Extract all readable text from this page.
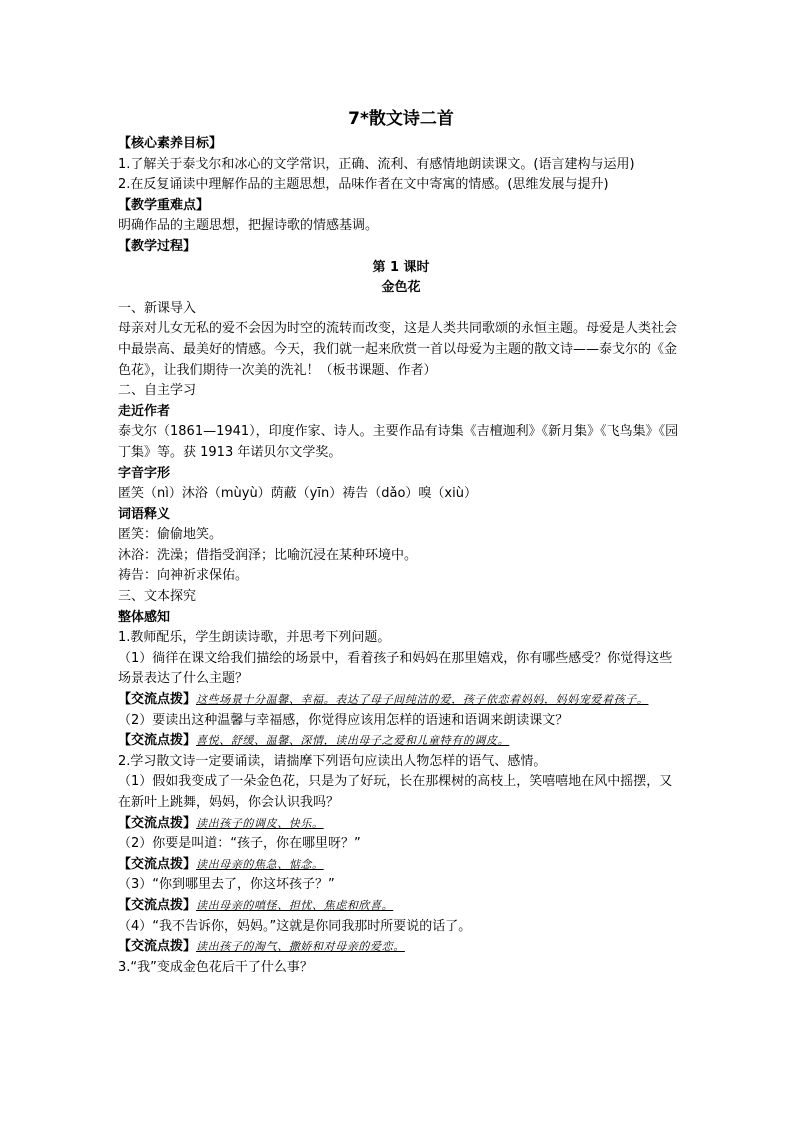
7*散文诗二首
【核心素养目标】
1.了解关于泰戈尔和冰心的文学常识，正确、流利、有感情地朗读课文。(语言建构与运用)
2.在反复诵读中理解作品的主题思想，品味作者在文中寄寓的情感。(思维发展与提升)
【教学重难点】
明确作品的主题思想，把握诗歌的情感基调。
【教学过程】
第 1 课时
金色花
一、新课导入
母亲对儿女无私的爱不会因为时空的流转而改变，这是人类共同歌颂的永恒主题。母爱是人类社会中最崇高、最美好的情感。今天，我们就一起来欣赏一首以母爱为主题的散文诗——泰戈尔的《金色花》，让我们期待一次美的洗礼！（板书课题、作者）
二、自主学习
走近作者
泰戈尔（1861—1941），印度作家、诗人。主要作品有诗集《吉檀迦利》《新月集》《飞鸟集》《园丁集》等。获 1913 年诺贝尔文学奖。
字音字形
匿笑（nì）沐浴（mùyù）荫蔽（yīn）祷告（dǎo）嗅（xiù）
词语释义
匿笑：偷偷地笑。
沐浴：洗澡；借指受润泽；比喻沉浸在某种环境中。
祷告：向神祈求保佑。
三、文本探究
整体感知
1.教师配乐，学生朗读诗歌，并思考下列问题。
（1）徜徉在课文给我们描绘的场景中，看着孩子和妈妈在那里嬉戏，你有哪些感受？你觉得这些场景表达了什么主题？
【交流点拨】这些场景十分温馨、幸福。表达了母子间纯洁的爱，孩子依恋着妈妈，妈妈宠爱着孩子。
（2）要读出这种温馨与幸福感，你觉得应该用怎样的语速和语调来朗读课文？
【交流点拨】喜悦、舒缓、温馨、深情，读出母子之爱和儿童特有的调皮。
2.学习散文诗一定要诵读，请揣摩下列语句应读出人物怎样的语气、感情。
（1）假如我变成了一朵金色花，只是为了好玩，长在那棵树的高枝上，笑嘻嘻地在风中摇摆，又在新叶上跳舞，妈妈，你会认识我吗？
【交流点拨】读出孩子的调皮、快乐。
（2）你要是叫道：“孩子，你在哪里呀？”
【交流点拨】读出母亲的焦急、惦念。
（3）“你到哪里去了，你这坏孩子？”
【交流点拨】读出母亲的嗔怪、担忧、焦虑和欣喜。
（4）“我不告诉你，妈妈。”这就是你同我那时所要说的话了。
【交流点拨】读出孩子的淘气、撒娇和对母亲的爱恋。
3.“我”变成金色花后干了什么事？
